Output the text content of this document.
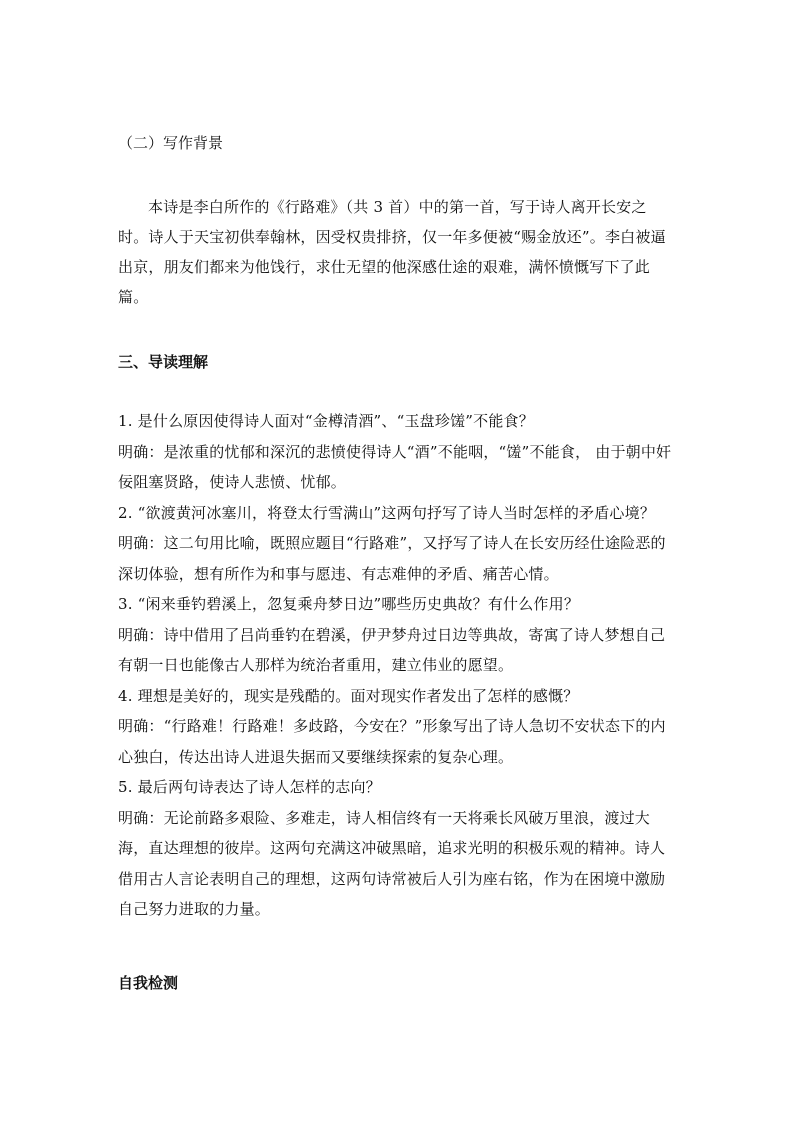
（二）写作背景

本诗是李白所作的《行路难》（共 3 首）中的第一首，写于诗人离开长安之时。诗人于天宝初供奉翰林，因受权贵排挤，仅一年多便被“赐金放还”。李白被逼出京，朋友们都来为他饯行，求仕无望的他深感仕途的艰难，满怀愤慨写下了此篇。

三、导读理解

1. 是什么原因使得诗人面对“金樽清酒”、“玉盘珍馐”不能食？

明确：是浓重的忧郁和深沉的悲愤使得诗人“酒”不能咽，“馐”不能食， 由于朝中奸佞阻塞贤路，使诗人悲愤、忧郁。

2. “欲渡黄河冰塞川，将登太行雪满山”这两句抒写了诗人当时怎样的矛盾心境？

明确：这二句用比喻，既照应题目“行路难”，又抒写了诗人在长安历经仕途险恶的深切体验，想有所作为和事与愿违、有志难伸的矛盾、痛苦心情。

3. “闲来垂钓碧溪上，忽复乘舟梦日边”哪些历史典故？有什么作用？

明确：诗中借用了吕尚垂钓在碧溪，伊尹梦舟过日边等典故，寄寓了诗人梦想自己有朝一日也能像古人那样为统治者重用，建立伟业的愿望。

4. 理想是美好的，现实是残酷的。面对现实作者发出了怎样的感慨？

明确：“行路难！行路难！多歧路，今安在？”形象写出了诗人急切不安状态下的内心独白，传达出诗人进退失据而又要继续探索的复杂心理。

5. 最后两句诗表达了诗人怎样的志向？

明确：无论前路多艰险、多难走，诗人相信终有一天将乘长风破万里浪，渡过大海，直达理想的彼岸。这两句充满这冲破黑暗，追求光明的积极乐观的精神。诗人借用古人言论表明自己的理想，这两句诗常被后人引为座右铭，作为在困境中激励自己努力进取的力量。

自我检测
